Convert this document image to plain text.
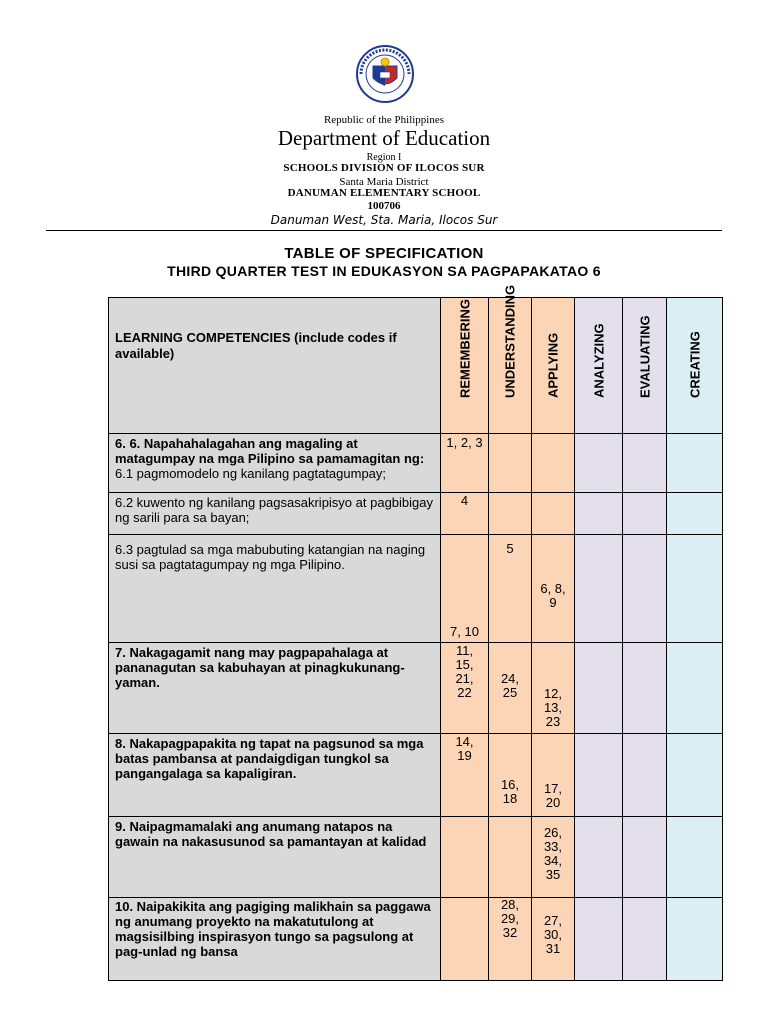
Republic of the Philippines
Department of Education
Region I
SCHOOLS DIVISION OF ILOCOS SUR
Santa Maria District
DANUMAN ELEMENTARY SCHOOL
100706
Danuman West, Sta. Maria, Ilocos Sur
TABLE OF SPECIFICATION
THIRD QUARTER TEST IN EDUKASYON SA PAGPAPAKATAO 6
LEARNING COMPETENCIES (include codes if available)	REMEMBERING	UNDERSTANDING	APPLYING	ANALYZING	EVALUATING	CREATING

6. 6. Napahahalagahan ang magaling at matagumpay na mga Pilipino sa pamamagitan ng:
6.1 pagmomodelo ng kanilang pagtatagumpay;	1, 2, 3					

6.2 kuwento ng kanilang pagsasakripisyo at pagbibigay ng sarili para sa bayan;	4					

6.3 pagtulad sa mga mabubuting katangian na naging susi sa pagtatagumpay ng mga Pilipino.	7, 10	5	6, 8, 9			

7. Nakagagamit nang may pagpapahalaga at pananagutan sa kabuhayan at pinagkukunang-yaman.	11, 15, 21, 22	24, 25	12, 13, 23			

8. Nakapagpapakita ng tapat na pagsunod sa mga batas pambansa at pandaigdigan tungkol sa pangangalaga sa kapaligiran.	14, 19	16, 18	17, 20			

9. Naipagmamalaki ang anumang natapos na gawain na nakasusunod sa pamantayan at kalidad			26, 33, 34, 35			

10. Naipakikita ang pagiging malikhain sa paggawa ng anumang proyekto na makatutulong at magsisilbing inspirasyon tungo sa pagsulong at pag-unlad ng bansa		28, 29, 32	27, 30, 31			
